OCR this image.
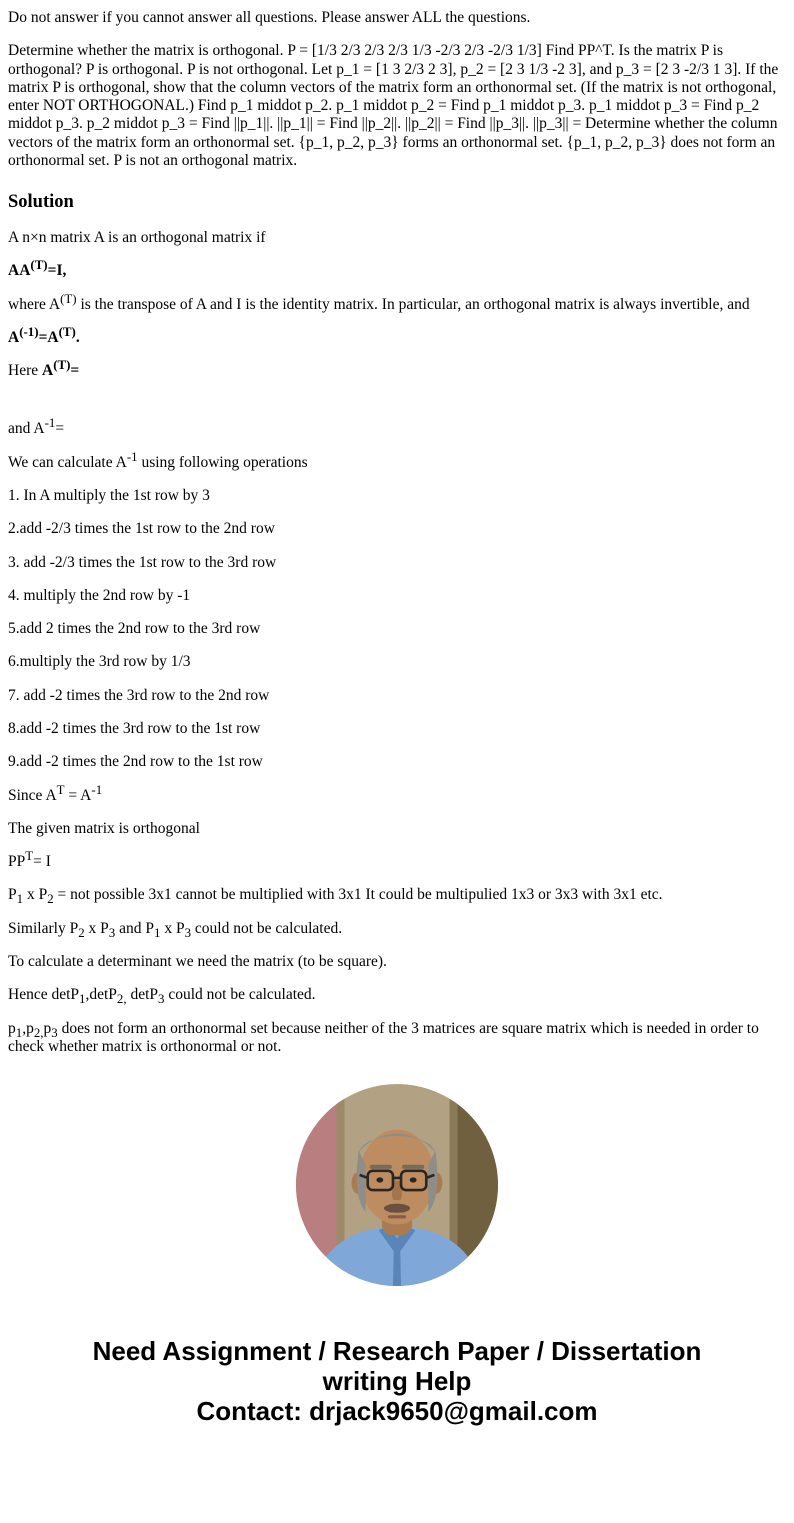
Do not answer if you cannot answer all questions. Please answer ALL the questions.

Determine whether the matrix is orthogonal. P = [1/3 2/3 2/3 2/3 1/3 -2/3 2/3 -2/3 1/3] Find PP^T. Is the matrix P is orthogonal? P is orthogonal. P is not orthogonal. Let p_1 = [1 3 2/3 2 3], p_2 = [2 3 1/3 -2 3], and p_3 = [2 3 -2/3 1 3]. If the matrix P is orthogonal, show that the column vectors of the matrix form an orthonormal set. (If the matrix is not orthogonal, enter NOT ORTHOGONAL.) Find p_1 middot p_2. p_1 middot p_2 = Find p_1 middot p_3. p_1 middot p_3 = Find p_2 middot p_3. p_2 middot p_3 = Find ||p_1||. ||p_1|| = Find ||p_2||. ||p_2|| = Find ||p_3||. ||p_3|| = Determine whether the column vectors of the matrix form an orthonormal set. {p_1, p_2, p_3} forms an orthonormal set. {p_1, p_2, p_3} does not form an orthonormal set. P is not an orthogonal matrix.

Solution

A n×n matrix A is an orthogonal matrix if

$AA^{(T)}=I$,

where $A^{(T)}$ is the transpose of A and I is the identity matrix. In particular, an orthogonal matrix is always invertible, and

$A^{(-1)}=A^{(T)}$.

Here $A^{(T)}=$

and $A^{-1}=$

We can calculate $A^{-1}$ using following operations

1. In A multiply the 1st row by 3

2.add -2/3 times the 1st row to the 2nd row

3. add -2/3 times the 1st row to the 3rd row

4. multiply the 2nd row by -1

5.add 2 times the 2nd row to the 3rd row

6.multiply the 3rd row by 1/3

7. add -2 times the 3rd row to the 2nd row

8.add -2 times the 3rd row to the 1st row

9.add -2 times the 2nd row to the 1st row

Since $A^T = A^{-1}$

The given matrix is orthogonal

$PP^T= I$

$P_1$ x $P_2$ = not possible 3x1 cannot be multiplied with 3x1 It could be multipulied 1x3 or 3x3 with 3x1 etc.

Similarly $P_2$ x $P_3$ and $P_1$ x $P_3$ could not be calculated.

To calculate a determinant we need the matrix (to be square).

Hence detP$_1$,detP$_{2,}$ detP$_3$ could not be calculated.

$p_1,p_{2,}p_3$ does not form an orthonormal set because neither of the 3 matrices are square matrix which is needed in order to check whether matrix is orthonormal or not.

Need Assignment / Research Paper / Dissertation
writing Help
Contact: drjack9650@gmail.com
